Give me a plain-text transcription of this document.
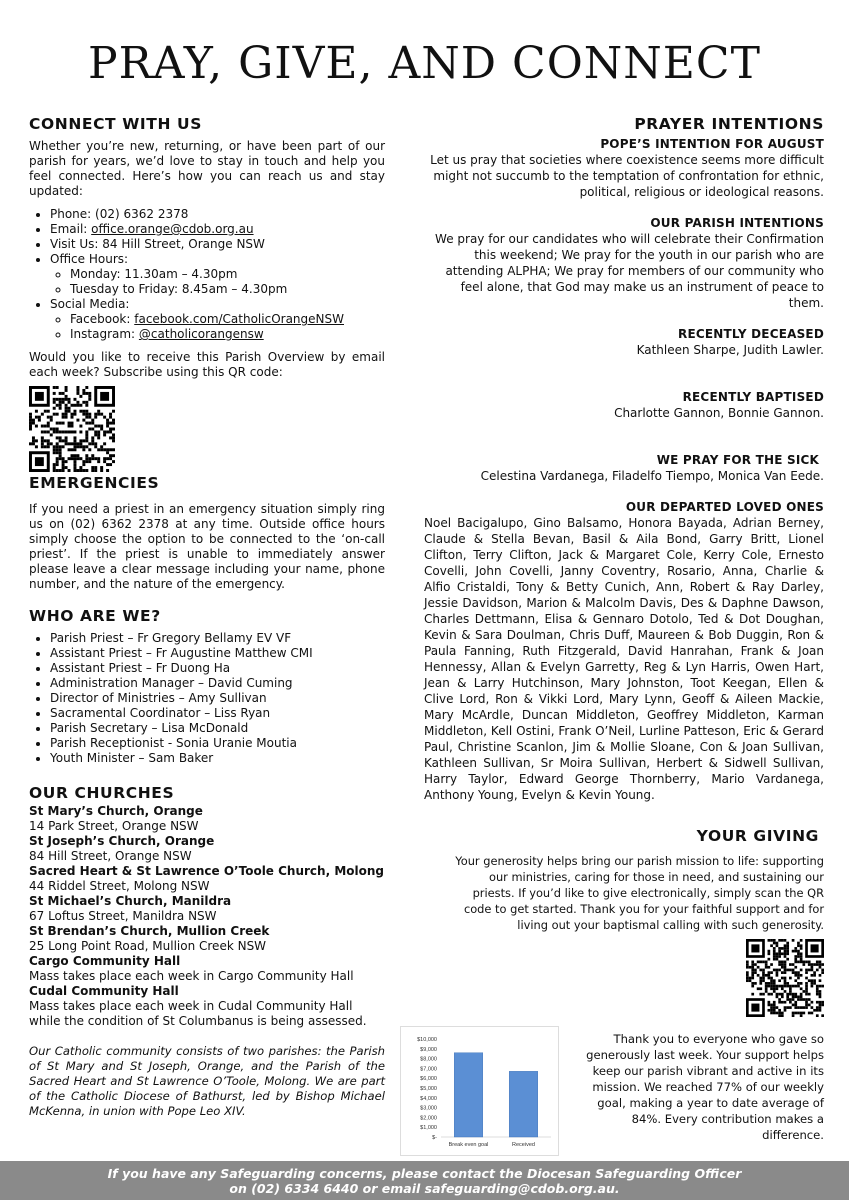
PRAY, GIVE, AND CONNECT
CONNECT WITH US

Whether you’re new, returning, or have been part of our parish for years, we’d love to stay in touch and help you feel connected. Here’s how you can reach us and stay updated:

• Phone: (02) 6362 2378
• Email: office.orange@cdob.org.au
• Visit Us: 84 Hill Street, Orange NSW
• Office Hours:
◦ Monday: 11.30am – 4.30pm
◦ Tuesday to Friday: 8.45am – 4.30pm
• Social Media:
◦ Facebook: facebook.com/CatholicOrangeNSW
◦ Instagram: @catholicorangensw

Would you like to receive this Parish Overview by email each week? Subscribe using this QR code:

EMERGENCIES

If you need a priest in an emergency situation simply ring us on (02) 6362 2378 at any time. Outside office hours simply choose the option to be connected to the ‘on-call priest’. If the priest is unable to immediately answer please leave a clear message including your name, phone number, and the nature of the emergency.

WHO ARE WE?
• Parish Priest – Fr Gregory Bellamy EV VF
• Assistant Priest – Fr Augustine Matthew CMI
• Assistant Priest – Fr Duong Ha
• Administration Manager – David Cuming
• Director of Ministries – Amy Sullivan
• Sacramental Coordinator – Liss Ryan
• Parish Secretary – Lisa McDonald
• Parish Receptionist - Sonia Uranie Moutia
• Youth Minister – Sam Baker
OUR CHURCHES
St Mary’s Church, Orange
14 Park Street, Orange NSW
St Joseph’s Church, Orange
84 Hill Street, Orange NSW
Sacred Heart & St Lawrence O’Toole Church, Molong
44 Riddel Street, Molong NSW
St Michael’s Church, Manildra
67 Loftus Street, Manildra NSW
St Brendan’s Church, Mullion Creek
25 Long Point Road, Mullion Creek NSW
Cargo Community Hall
Mass takes place each week in Cargo Community Hall
Cudal Community Hall
Mass takes place each week in Cudal Community Hall while the condition of St Columbanus is being assessed.

Our Catholic community consists of two parishes: the Parish of St Mary and St Joseph, Orange, and the Parish of the Sacred Heart and St Lawrence O’Toole, Molong. We are part of the Catholic Diocese of Bathurst, led by Bishop Michael McKenna, in union with Pope Leo XIV.

PRAYER INTENTIONS
POPE’S INTENTION FOR AUGUST

Let us pray that societies where coexistence seems more difficult might not succumb to the temptation of confrontation for ethnic, political, religious or ideological reasons.

OUR PARISH INTENTIONS

We pray for our candidates who will celebrate their Confirmation this weekend; We pray for the youth in our parish who are attending ALPHA; We pray for members of our community who feel alone, that God may make us an instrument of peace to them.

RECENTLY DECEASED

Kathleen Sharpe, Judith Lawler.

RECENTLY BAPTISED

Charlotte Gannon, Bonnie Gannon.

WE PRAY FOR THE SICK

Celestina Vardanega, Filadelfo Tiempo, Monica Van Eede.

OUR DEPARTED LOVED ONES

Noel Bacigalupo, Gino Balsamo, Honora Bayada, Adrian Berney, Claude & Stella Bevan, Basil & Aila Bond, Garry Britt, Lionel Clifton, Terry Clifton, Jack & Margaret Cole, Kerry Cole, Ernesto Covelli, John Covelli, Janny Coventry, Rosario, Anna, Charlie & Alfio Cristaldi, Tony & Betty Cunich, Ann, Robert & Ray Darley, Jessie Davidson, Marion & Malcolm Davis, Des & Daphne Dawson, Charles Dettmann, Elisa & Gennaro Dotolo, Ted & Dot Doughan, Kevin & Sara Doulman, Chris Duff, Maureen & Bob Duggin, Ron & Paula Fanning, Ruth Fitzgerald, David Hanrahan, Frank & Joan Hennessy, Allan & Evelyn Garretty, Reg & Lyn Harris, Owen Hart, Jean & Larry Hutchinson, Mary Johnston, Toot Keegan, Ellen & Clive Lord, Ron & Vikki Lord, Mary Lynn, Geoff & Aileen Mackie, Mary McArdle, Duncan Middleton, Geoffrey Middleton, Karman Middleton, Kell Ostini, Frank O’Neil, Lurline Patteson, Eric & Gerard Paul, Christine Scanlon, Jim & Mollie Sloane, Con & Joan Sullivan, Kathleen Sullivan, Sr Moira Sullivan, Herbert & Sidwell Sullivan, Harry Taylor, Edward George Thornberry, Mario Vardanega, Anthony Young, Evelyn & Kevin Young.

YOUR GIVING

Your generosity helps bring our parish mission to life: supporting our ministries, caring for those in need, and sustaining our priests. If you’d like to give electronically, simply scan the QR code to get started. Thank you for your faithful support and for living out your baptismal calling with such generosity.

Thank you to everyone who gave so generously last week. Your support helps keep our parish vibrant and active in its mission. We reached 77% of our weekly goal, making a year to date average of 84%. Every contribution makes a difference.

$-
$1,000
$2,000
$3,000
$4,000
$5,000
$6,000
$7,000
$8,000
$9,000
$10,000
Break even goal	Received
If you have any Safeguarding concerns, please contact the Diocesan Safeguarding Officer
on (02) 6334 6440 or email safeguarding@cdob.org.au.
